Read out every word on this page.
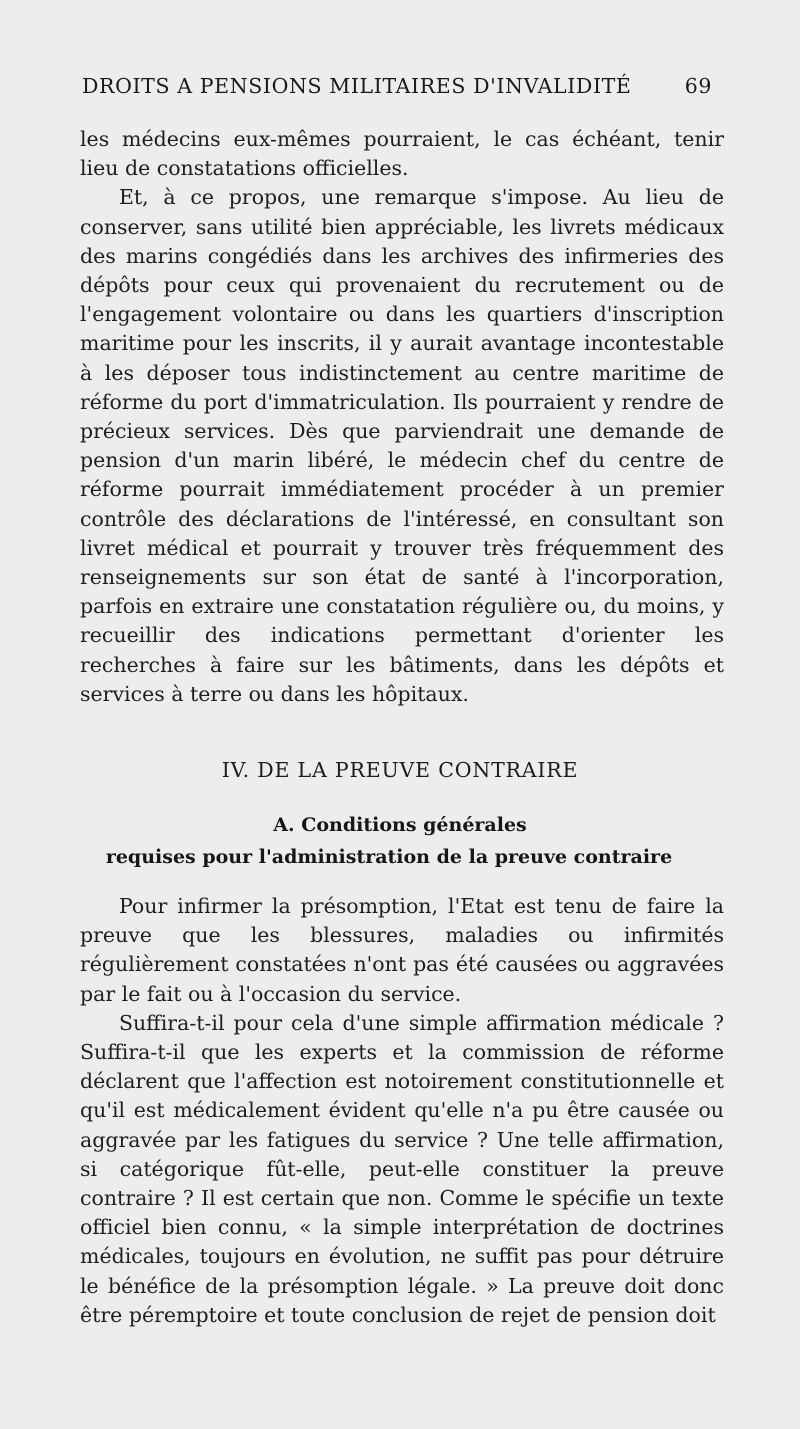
DROITS A PENSIONS MILITAIRES D'INVALIDITÉ	69

les médecins eux-mêmes pourraient, le cas échéant, tenir lieu de constatations officielles.

Et, à ce propos, une remarque s'impose. Au lieu de conserver, sans utilité bien appréciable, les livrets médicaux des marins congédiés dans les archives des infirmeries des dépôts pour ceux qui provenaient du recrutement ou de l'engagement volontaire ou dans les quartiers d'inscription maritime pour les inscrits, il y aurait avantage incontestable à les déposer tous indistinctement au centre maritime de réforme du port d'immatriculation. Ils pourraient y rendre de précieux services. Dès que parviendrait une demande de pension d'un marin libéré, le médecin chef du centre de réforme pourrait immédiatement procéder à un premier contrôle des déclarations de l'intéressé, en consultant son livret médical et pourrait y trouver très fréquemment des renseignements sur son état de santé à l'incorporation, parfois en extraire une constatation régulière ou, du moins, y recueillir des indications permettant d'orienter les recherches à faire sur les bâtiments, dans les dépôts et services à terre ou dans les hôpitaux.

IV. DE LA PREUVE CONTRAIRE
A. Conditions générales
requises pour l'administration de la preuve contraire

Pour infirmer la présomption, l'Etat est tenu de faire la preuve que les blessures, maladies ou infirmités régulièrement constatées n'ont pas été causées ou aggravées par le fait ou à l'occasion du service.

Suffira-t-il pour cela d'une simple affirmation médicale ? Suffira-t-il que les experts et la commission de réforme déclarent que l'affection est notoirement constitutionnelle et qu'il est médicalement évident qu'elle n'a pu être causée ou aggravée par les fatigues du service ? Une telle affirmation, si catégorique fût-elle, peut-elle constituer la preuve contraire ? Il est certain que non. Comme le spécifie un texte officiel bien connu, « la simple interprétation de doctrines médicales, toujours en évolution, ne suffit pas pour détruire le bénéfice de la présomption légale. » La preuve doit donc être péremptoire et toute conclusion de rejet de pension doit
